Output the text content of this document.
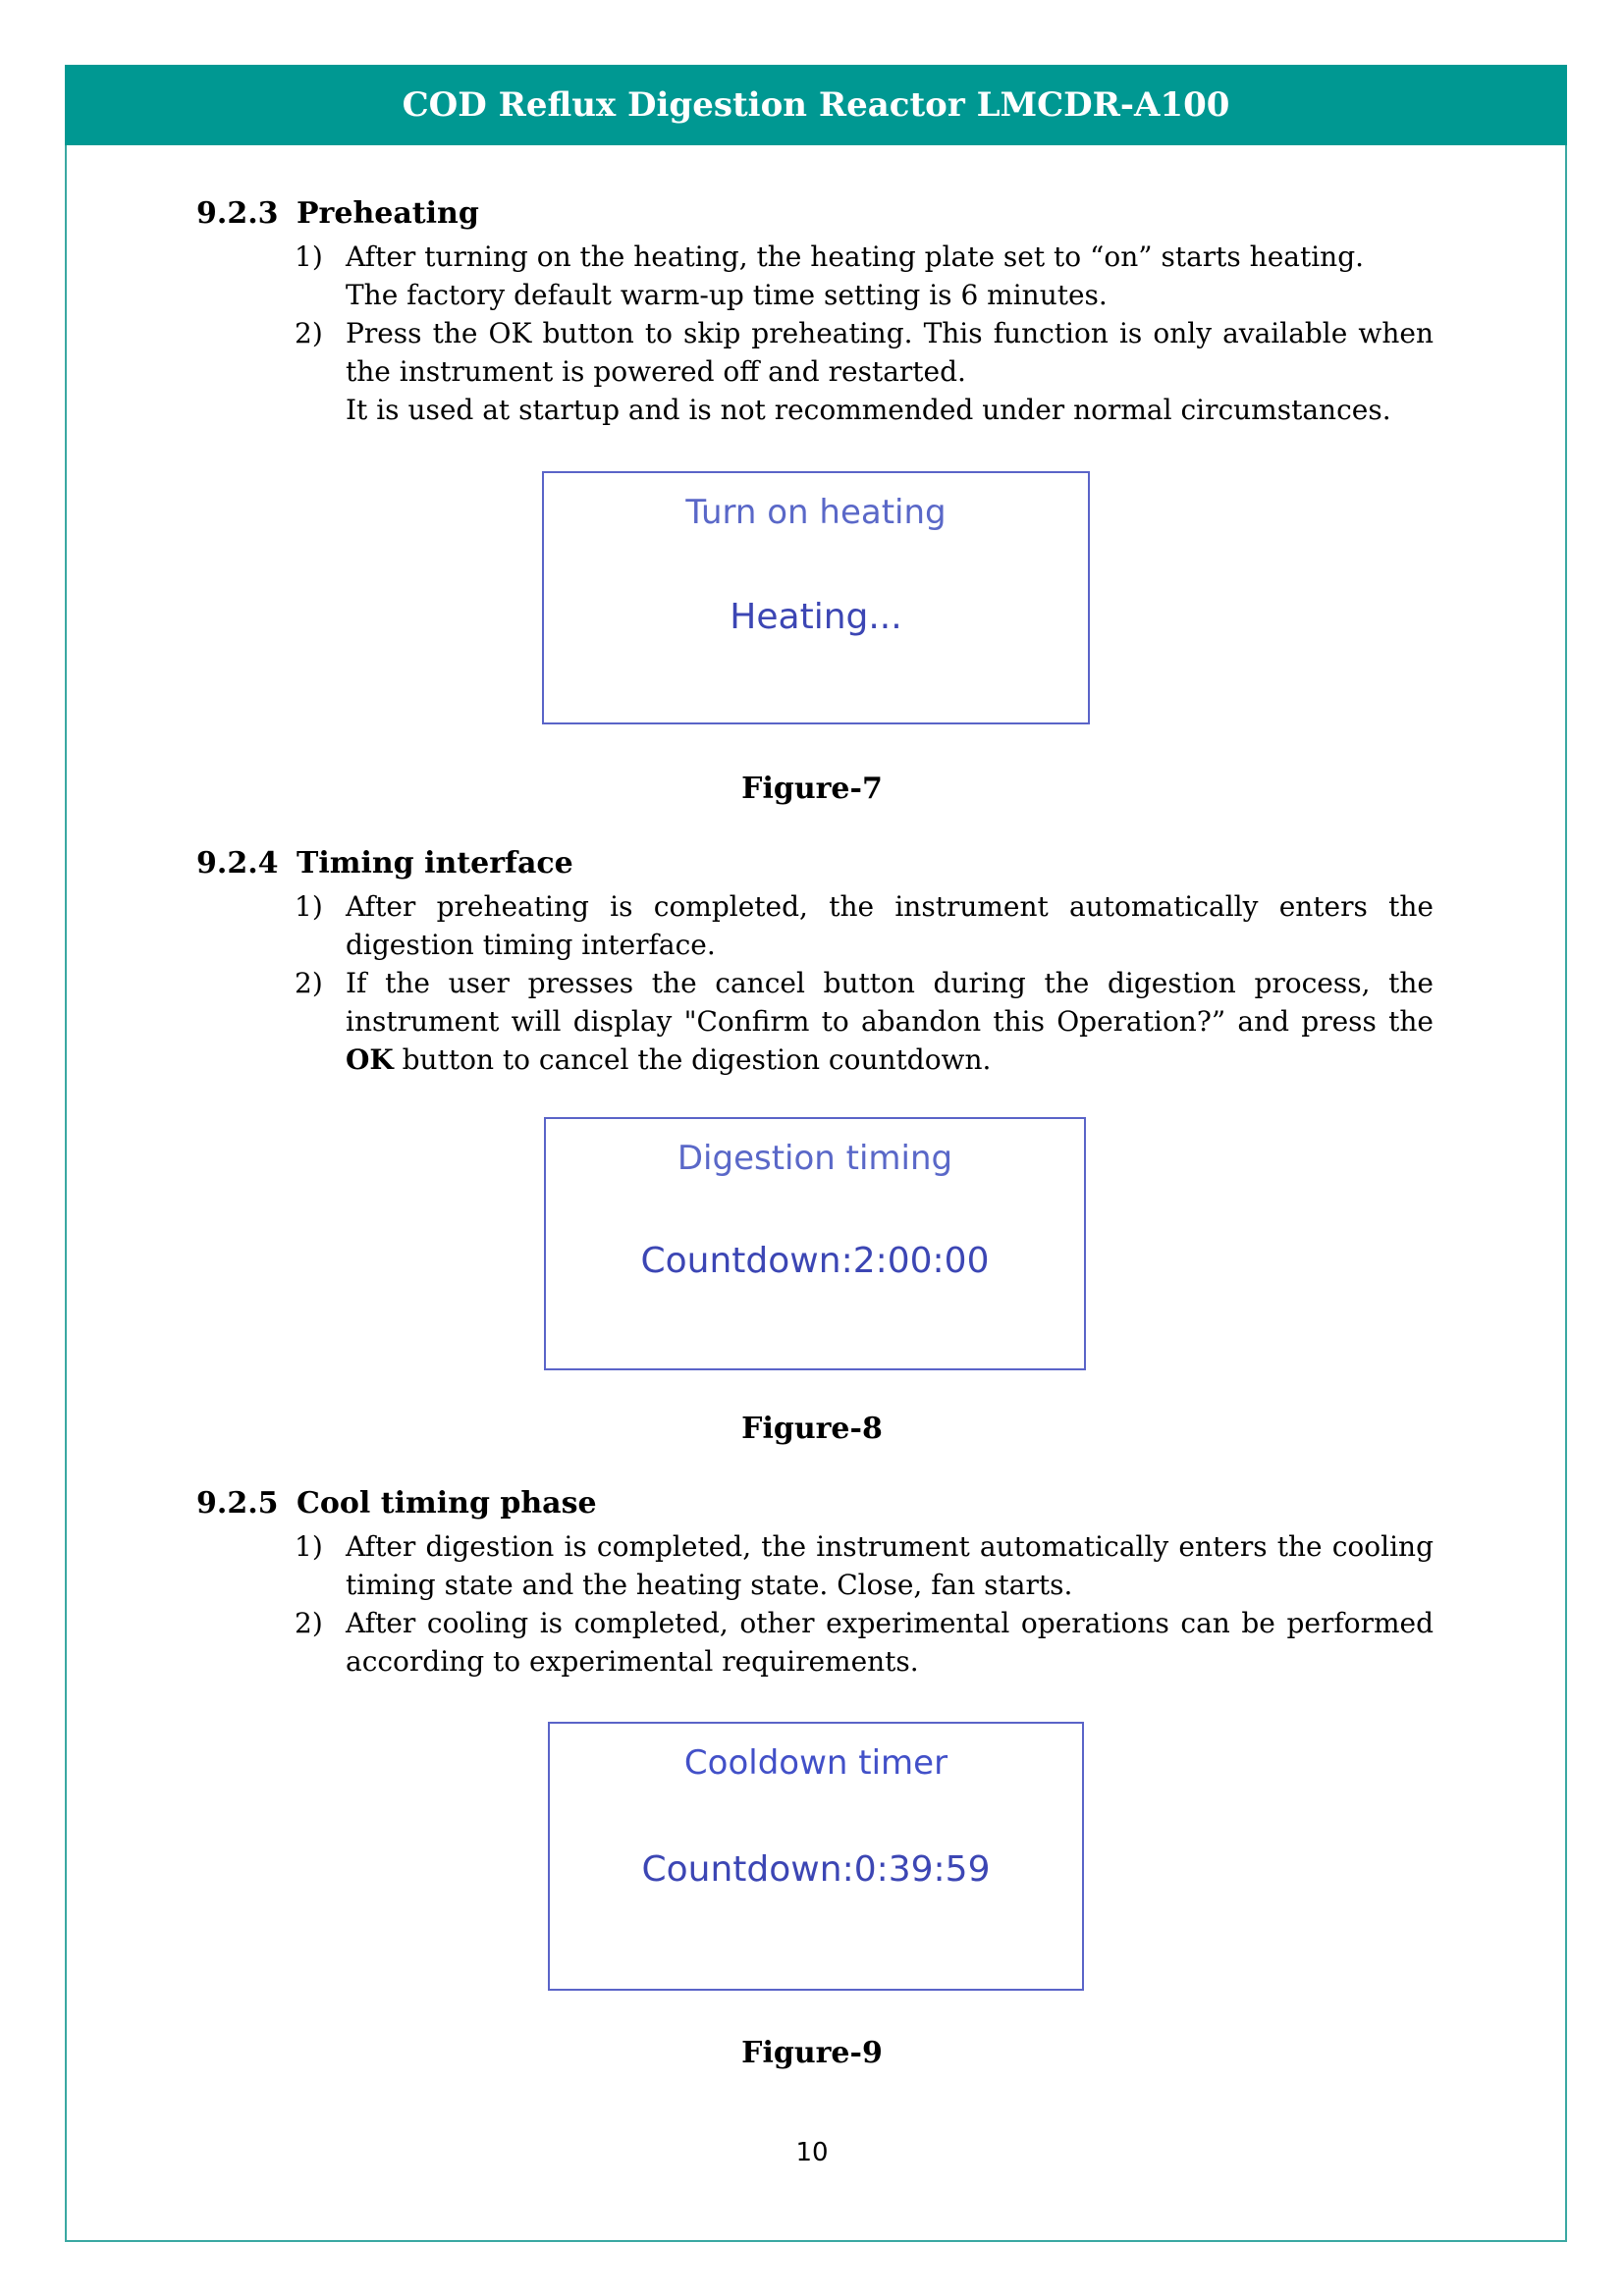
COD Reflux Digestion Reactor LMCDR-A100
9.2.3 Preheating
1) After turning on the heating, the heating plate set to “on” starts heating.
The factory default warm-up time setting is 6 minutes.
2) Press the OK button to skip preheating. This function is only available when the instrument is powered off and restarted.
It is used at startup and is not recommended under normal circumstances.
Turn on heating
Heating...
Figure-7
9.2.4 Timing interface
1) After preheating is completed, the instrument automatically enters the digestion timing interface.
2) If the user presses the cancel button during the digestion process, the instrument will display "Confirm to abandon this Operation?” and press the OK button to cancel the digestion countdown.
Digestion timing
Countdown:2:00:00
Figure-8
9.2.5 Cool timing phase
1) After digestion is completed, the instrument automatically enters the cooling timing state and the heating state. Close, fan starts.
2) After cooling is completed, other experimental operations can be performed according to experimental requirements.
Cooldown timer
Countdown:0:39:59
Figure-9
10
